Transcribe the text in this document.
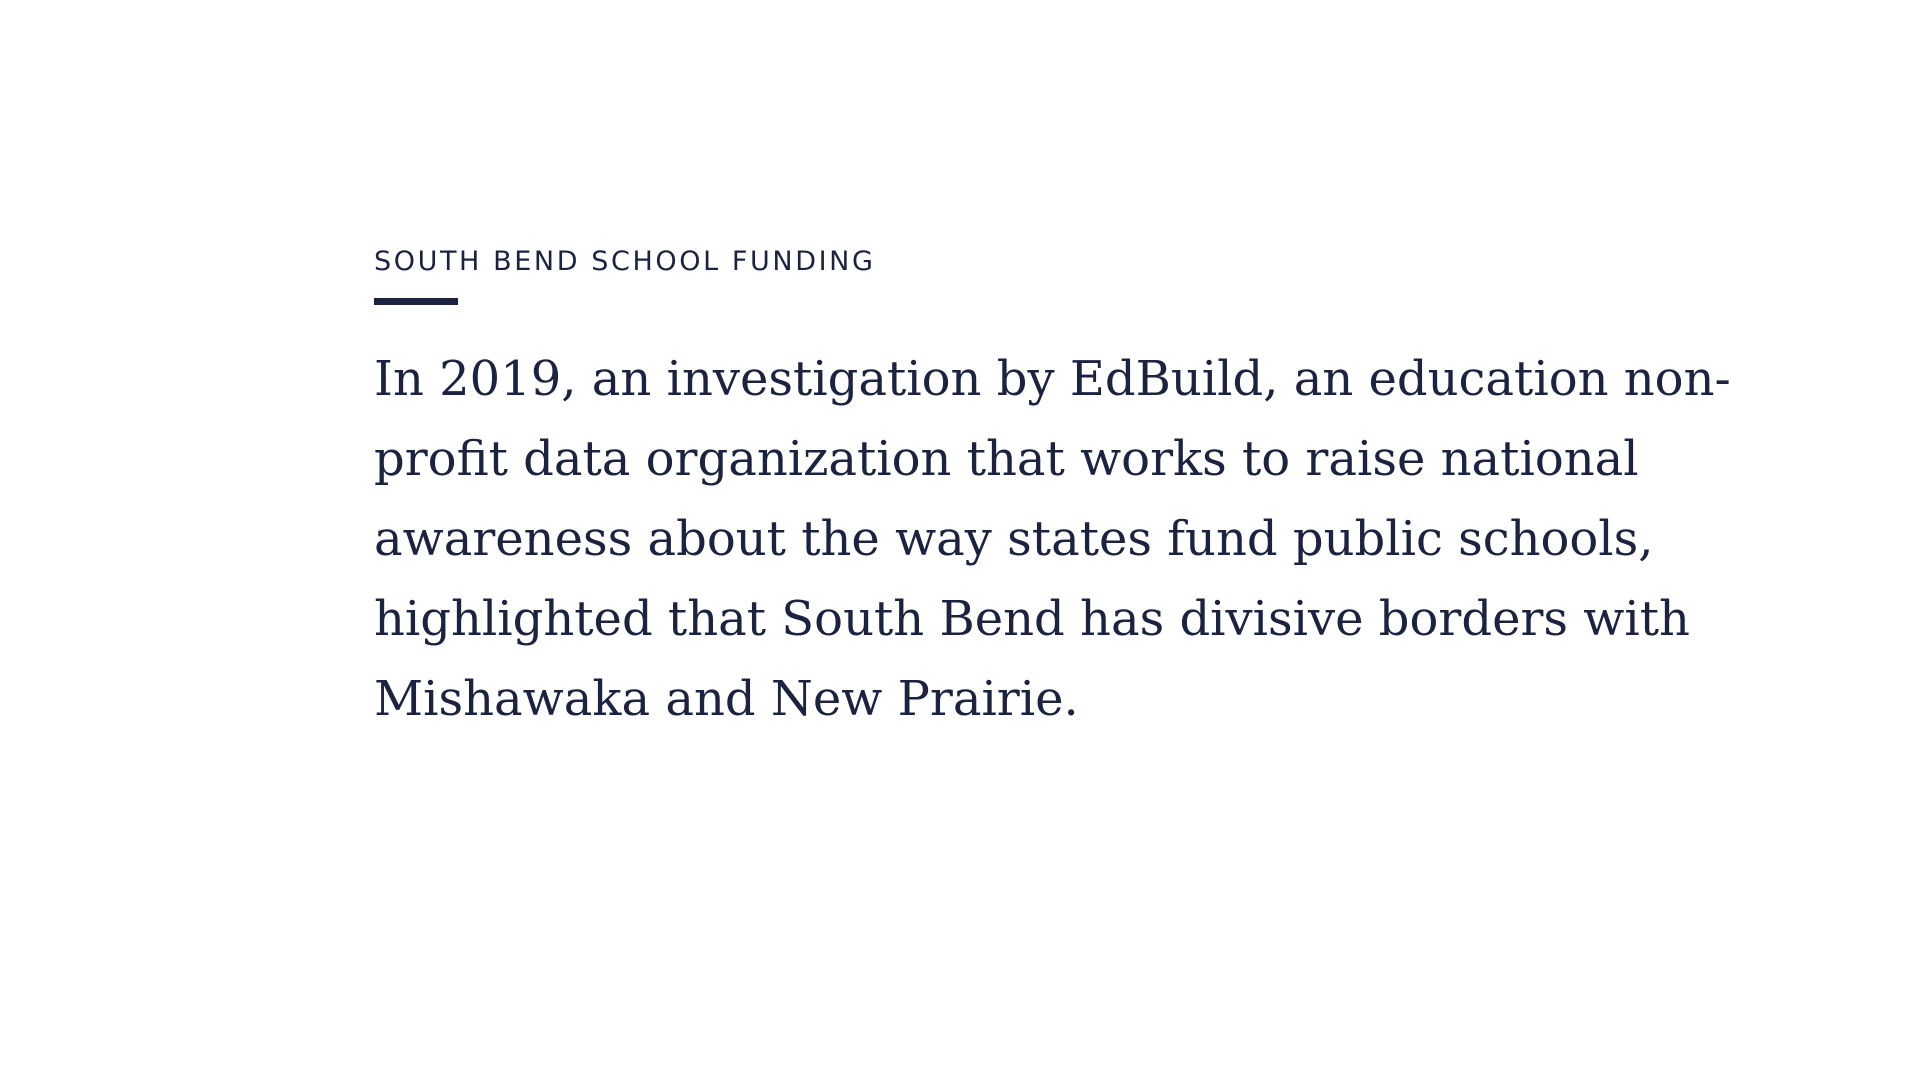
SOUTH BEND SCHOOL FUNDING

In 2019, an investigation by EdBuild, an education non-profit data organization that works to raise national awareness about the way states fund public schools, highlighted that South Bend has divisive borders with Mishawaka and New Prairie.
